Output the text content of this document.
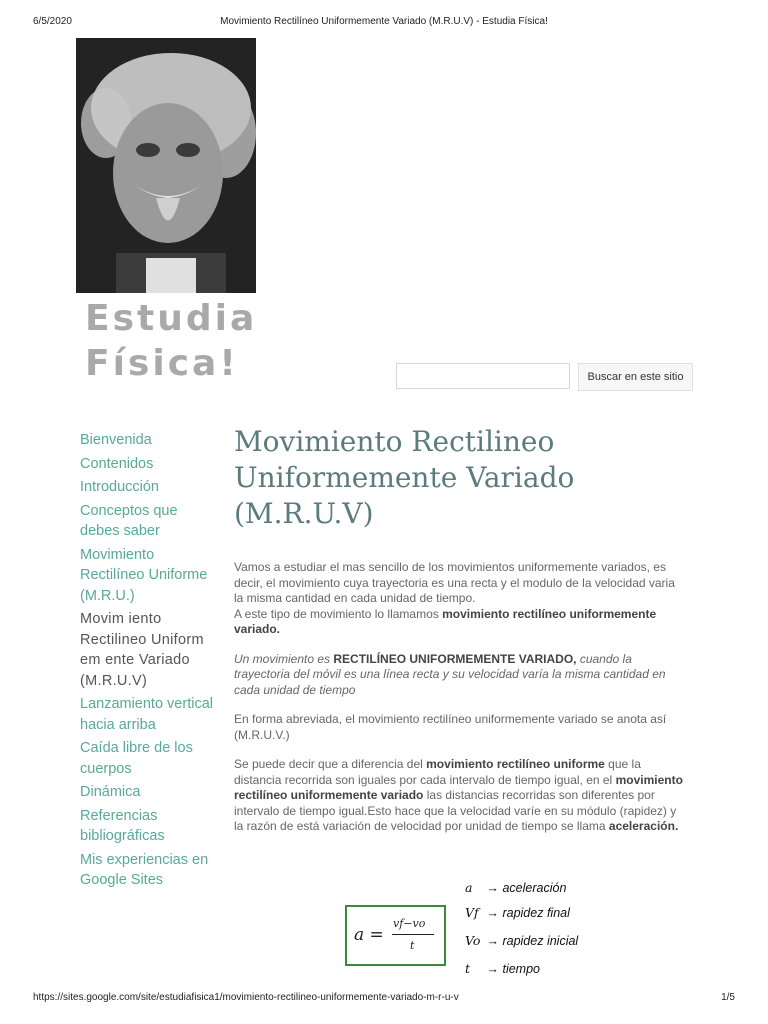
6/5/2020	Movimiento Rectilíneo Uniformemente Variado (M.R.U.V) - Estudia Física!
Estudia
Física!	Buscar en este sitio
Bienvenida
Contenidos
Introducción
Conceptos que debes saber
Movimiento Rectilíneo Uniforme (M.R.U.)
Movim iento Rectilineo Uniform em ente Variado (M.R.U.V)
Lanzamiento vertical hacia arriba
Caída libre de los cuerpos
Dinámica
Referencias bibliográficas
Mis experiencias en Google Sites
Movimiento Rectilineo Uniformemente Variado (M.R.U.V)

Vamos a estudiar el mas sencillo de los movimientos uniformemente variados, es decir, el movimiento cuya trayectoria es una recta y el modulo de la velocidad varia la misma cantidad en cada unidad de tiempo.
A este tipo de movimiento lo llamamos movimiento rectilíneo uniformemente variado.

Un movimiento es RECTILÍNEO UNIFORMEMENTE VARIADO, cuando la trayectoria del móvil es una línea recta y su velocidad varía la misma cantidad en cada unidad de tiempo

En forma abreviada, el movimiento rectilíneo uniformemente variado se anota así (M.R.U.V.)

Se puede decir que a diferencia del movimiento rectilíneo uniforme que la distancia recorrida son iguales por cada intervalo de tiempo igual, en el movimiento rectilíneo uniformemente variado las distancias recorridas son diferentes por intervalo de tiempo igual.Esto hace que la velocidad varíe en su módulo (rapidez) y la razón de está variación de velocidad por unidad de tiempo se llama aceleración.

a =
vf−vo
t
a → aceleración
Vf → rapidez final
Vo → rapidez inicial
t → tiempo
https://sites.google.com/site/estudiafisica1/movimiento-rectilineo-uniformemente-variado-m-r-u-v	1/5
